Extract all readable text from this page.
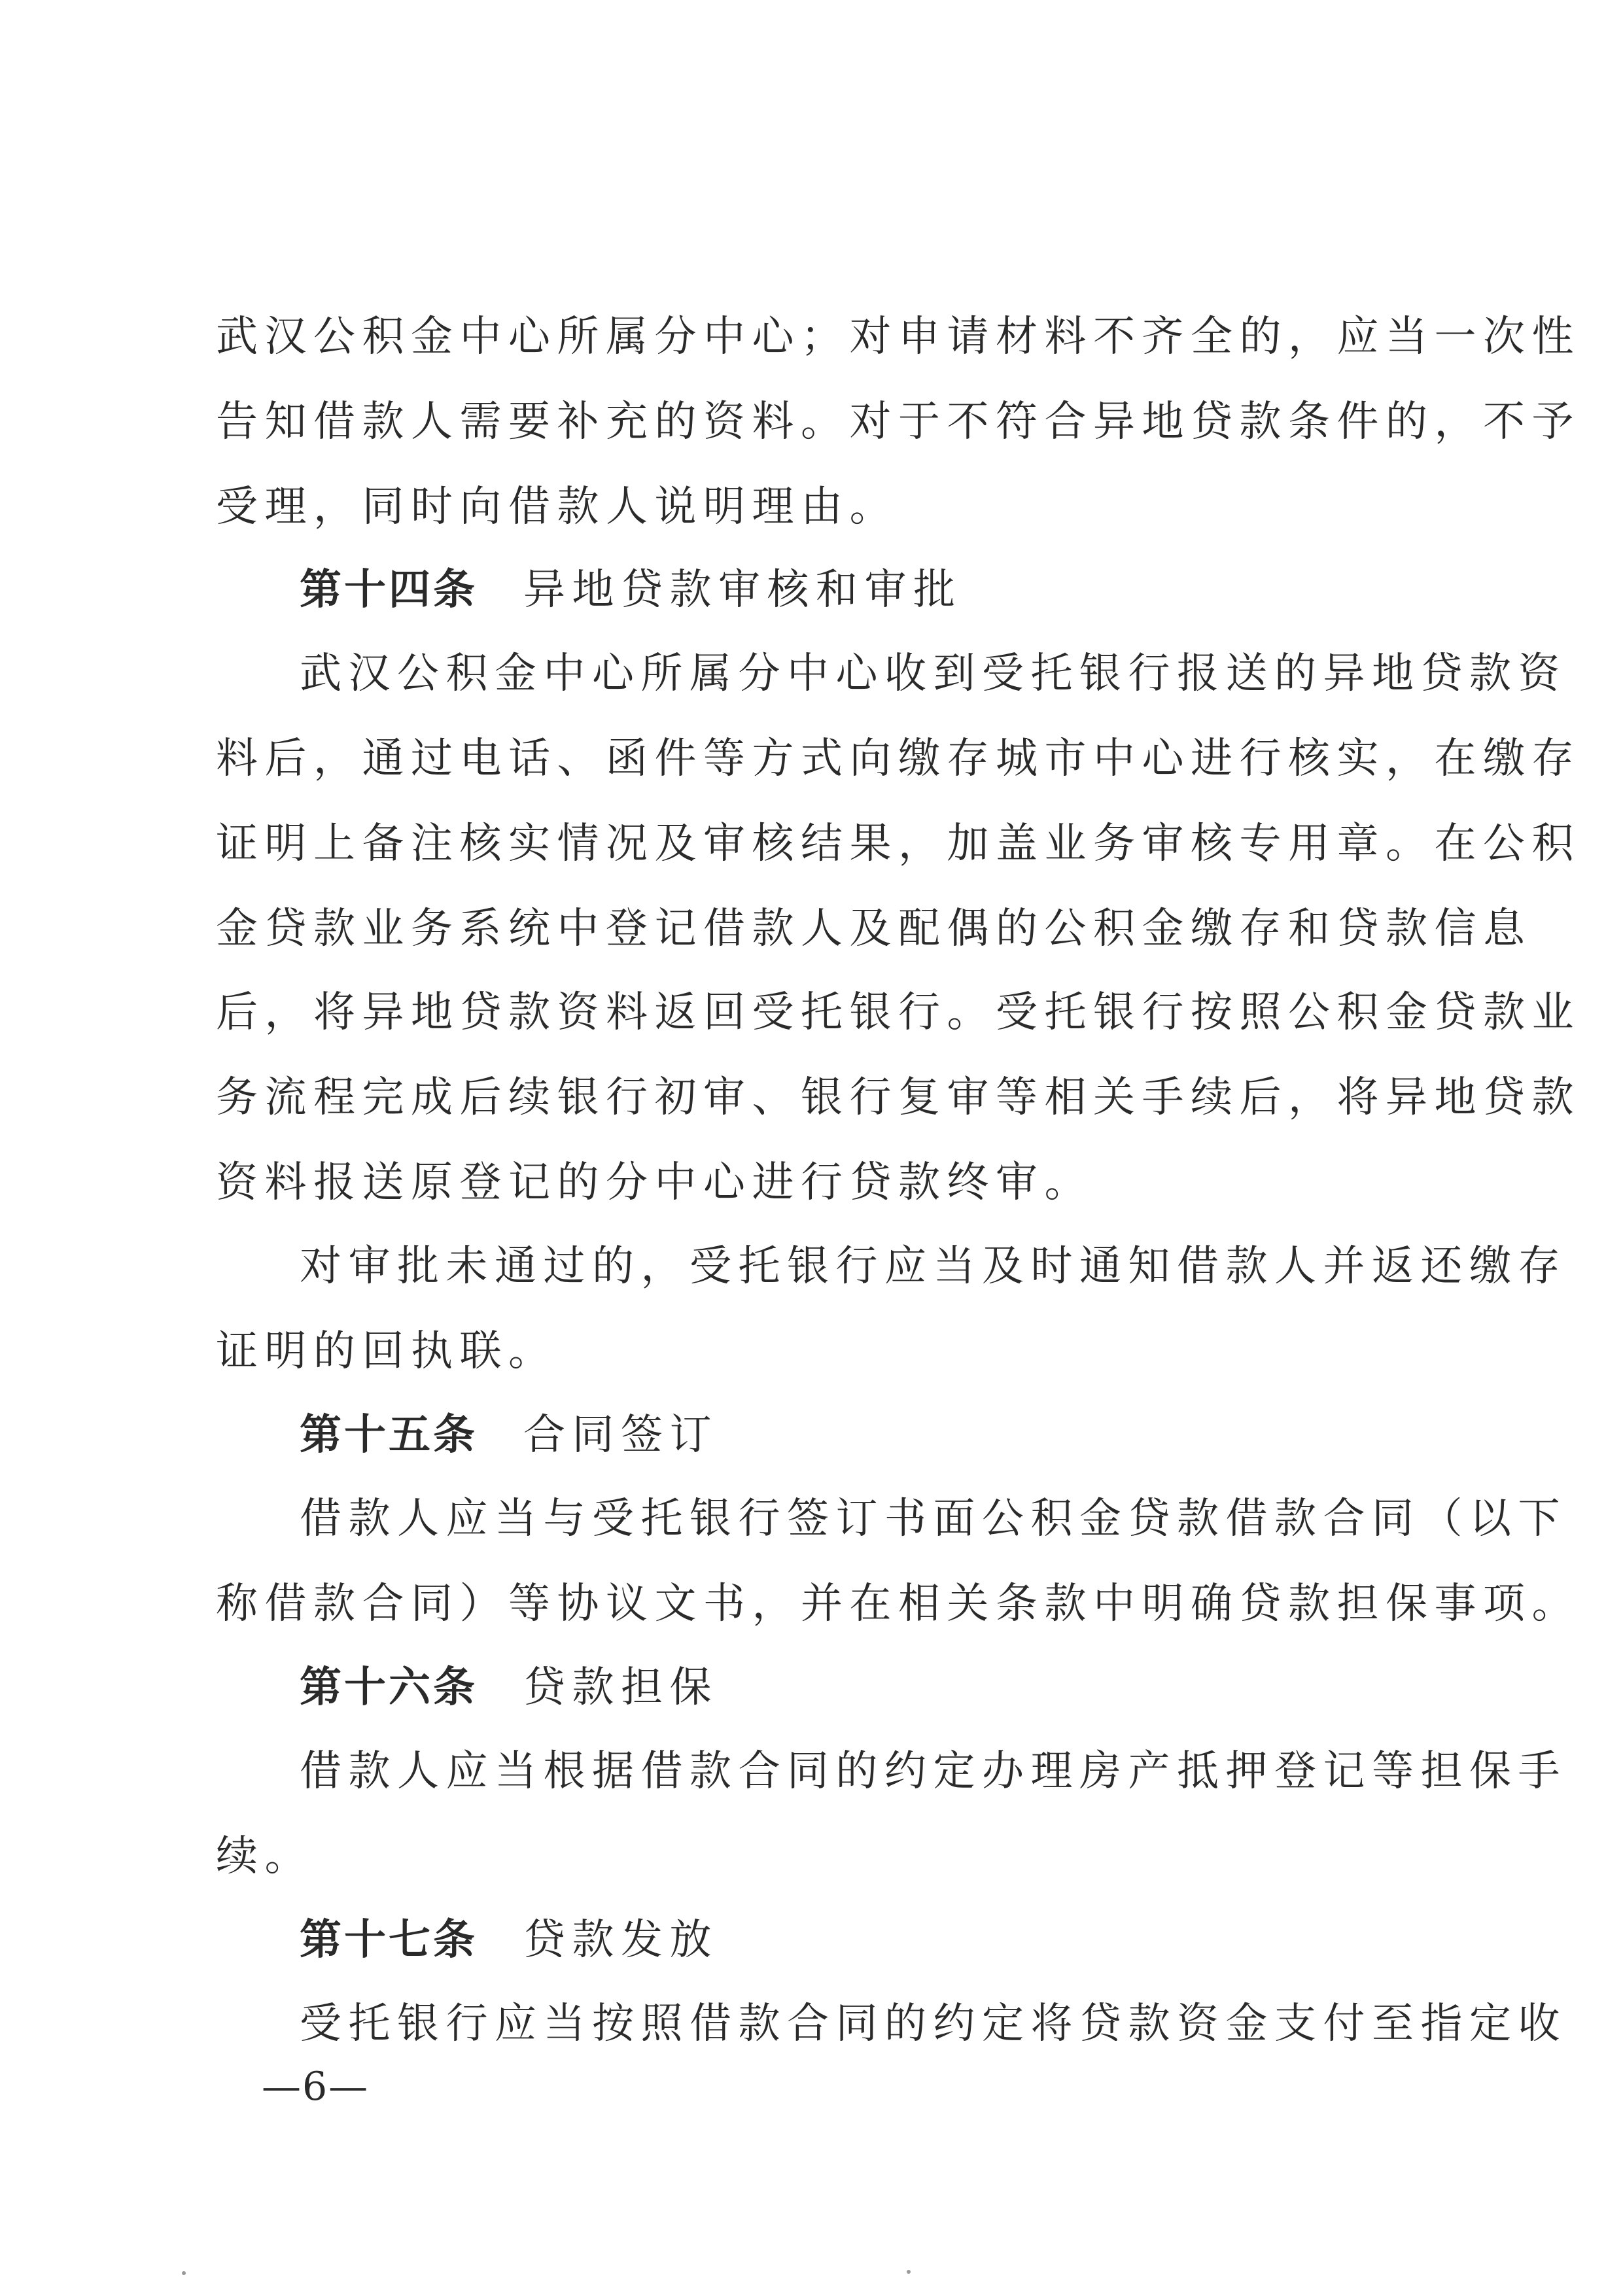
武汉公积金中心所属分中心；对申请材料不齐全的，应当一次性
告知借款人需要补充的资料。对于不符合异地贷款条件的，不予
受理，同时向借款人说明理由。
第十四条 异地贷款审核和审批
武汉公积金中心所属分中心收到受托银行报送的异地贷款资
料后，通过电话、函件等方式向缴存城市中心进行核实，在缴存
证明上备注核实情况及审核结果，加盖业务审核专用章。在公积
金贷款业务系统中登记借款人及配偶的公积金缴存和贷款信息
后，将异地贷款资料返回受托银行。受托银行按照公积金贷款业
务流程完成后续银行初审、银行复审等相关手续后，将异地贷款
资料报送原登记的分中心进行贷款终审。
对审批未通过的，受托银行应当及时通知借款人并返还缴存
证明的回执联。
第十五条 合同签订
借款人应当与受托银行签订书面公积金贷款借款合同（以下
称借款合同）等协议文书，并在相关条款中明确贷款担保事项。
第十六条 贷款担保
借款人应当根据借款合同的约定办理房产抵押登记等担保手
续。
第十七条 贷款发放
受托银行应当按照借款合同的约定将贷款资金支付至指定收
—6—
